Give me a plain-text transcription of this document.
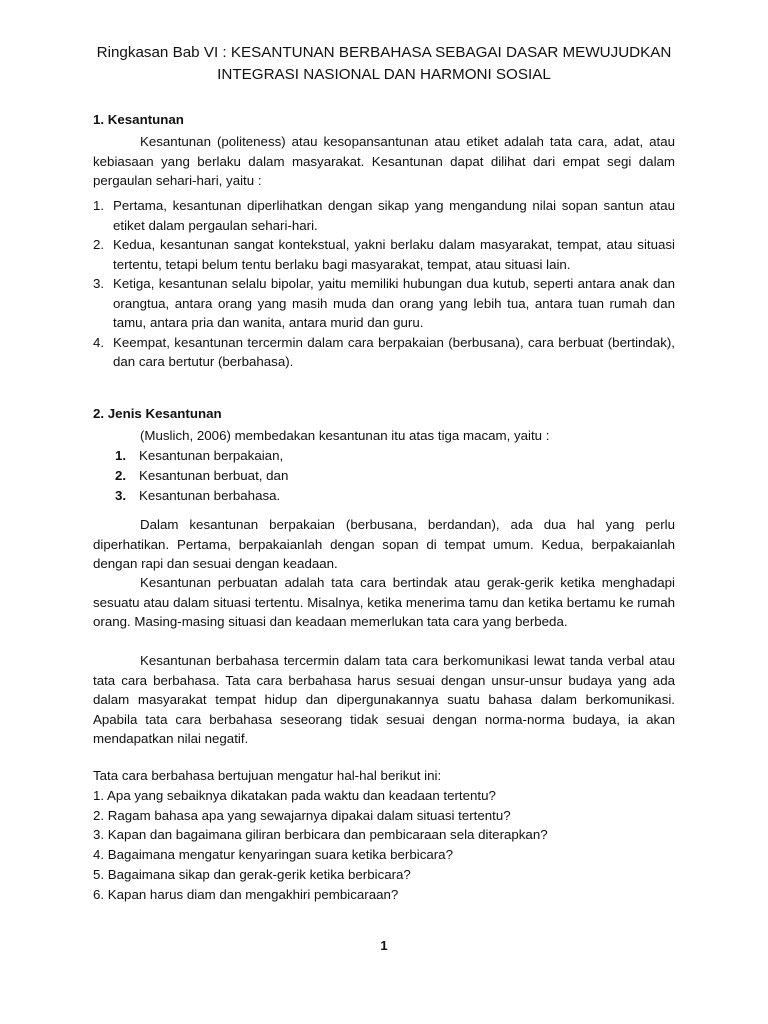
Ringkasan Bab VI : KESANTUNAN BERBAHASA SEBAGAI DASAR MEWUJUDKAN
INTEGRASI NASIONAL DAN HARMONI SOSIAL
1. Kesantunan

Kesantunan (politeness) atau kesopansantunan atau etiket adalah tata cara, adat, atau kebiasaan yang berlaku dalam masyarakat. Kesantunan dapat dilihat dari empat segi dalam pergaulan sehari-hari, yaitu :

1. Pertama, kesantunan diperlihatkan dengan sikap yang mengandung nilai sopan santun atau etiket dalam pergaulan sehari-hari.
2. Kedua, kesantunan sangat kontekstual, yakni berlaku dalam masyarakat, tempat, atau situasi tertentu, tetapi belum tentu berlaku bagi masyarakat, tempat, atau situasi lain.
3. Ketiga, kesantunan selalu bipolar, yaitu memiliki hubungan dua kutub, seperti antara anak dan orangtua, antara orang yang masih muda dan orang yang lebih tua, antara tuan rumah dan tamu, antara pria dan wanita, antara murid dan guru.
4. Keempat, kesantunan tercermin dalam cara berpakaian (berbusana), cara berbuat (bertindak), dan cara bertutur (berbahasa).
2. Jenis Kesantunan

(Muslich, 2006) membedakan kesantunan itu atas tiga macam, yaitu :

1. Kesantunan berpakaian,
2. Kesantunan berbuat, dan
3. Kesantunan berbahasa.

Dalam kesantunan berpakaian (berbusana, berdandan), ada dua hal yang perlu diperhatikan. Pertama, berpakaianlah dengan sopan di tempat umum. Kedua, berpakaianlah dengan rapi dan sesuai dengan keadaan.

Kesantunan perbuatan adalah tata cara bertindak atau gerak-gerik ketika menghadapi sesuatu atau dalam situasi tertentu. Misalnya, ketika menerima tamu dan ketika bertamu ke rumah orang. Masing-masing situasi dan keadaan memerlukan tata cara yang berbeda.

Kesantunan berbahasa tercermin dalam tata cara berkomunikasi lewat tanda verbal atau tata cara berbahasa. Tata cara berbahasa harus sesuai dengan unsur-unsur budaya yang ada dalam masyarakat tempat hidup dan dipergunakannya suatu bahasa dalam berkomunikasi. Apabila tata cara berbahasa seseorang tidak sesuai dengan norma-norma budaya, ia akan mendapatkan nilai negatif.

Tata cara berbahasa bertujuan mengatur hal-hal berikut ini:

1. Apa yang sebaiknya dikatakan pada waktu dan keadaan tertentu?
2. Ragam bahasa apa yang sewajarnya dipakai dalam situasi tertentu?
3. Kapan dan bagaimana giliran berbicara dan pembicaraan sela diterapkan?
4. Bagaimana mengatur kenyaringan suara ketika berbicara?
5. Bagaimana sikap dan gerak-gerik ketika berbicara?
6. Kapan harus diam dan mengakhiri pembicaraan?
1
